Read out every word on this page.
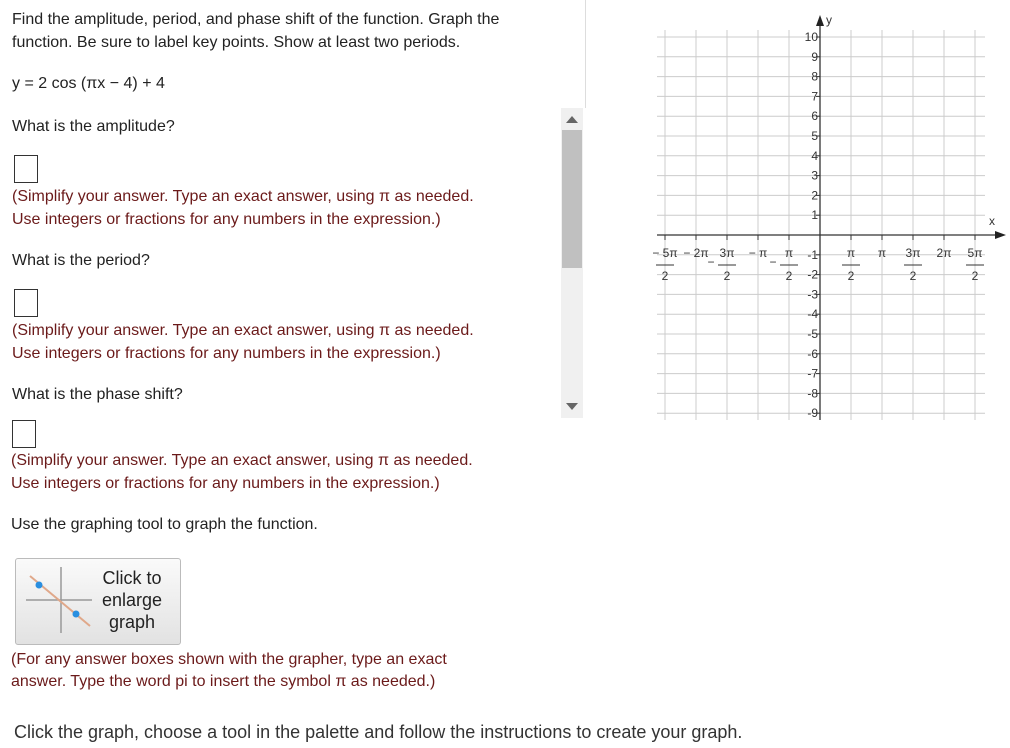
Find the amplitude, period, and phase shift of the function. Graph the
function. Be sure to label key points. Show at least two periods.
y = 2 cos (πx − 4) + 4
What is the amplitude?
(Simplify your answer. Type an exact answer, using π as needed.
Use integers or fractions for any numbers in the expression.)
What is the period?
(Simplify your answer. Type an exact answer, using π as needed.
Use integers or fractions for any numbers in the expression.)
What is the phase shift?
(Simplify your answer. Type an exact answer, using π as needed.
Use integers or fractions for any numbers in the expression.)
Use the graphing tool to graph the function.
Click to
enlarge
graph
(For any answer boxes shown with the grapher, type an exact
answer. Type the word pi to insert the symbol π as needed.)
Click the graph, choose a tool in the palette and follow the instructions to create your graph.
y
x
10
9
8
7
6
5
4
3
2
1
-1
-2
-3
-4
-5
-6
-7
-8
-9
− 5π
2
− 2π 3π
2
−
− π π
2
−
π
2
π 3π
2
2π 5π
2
